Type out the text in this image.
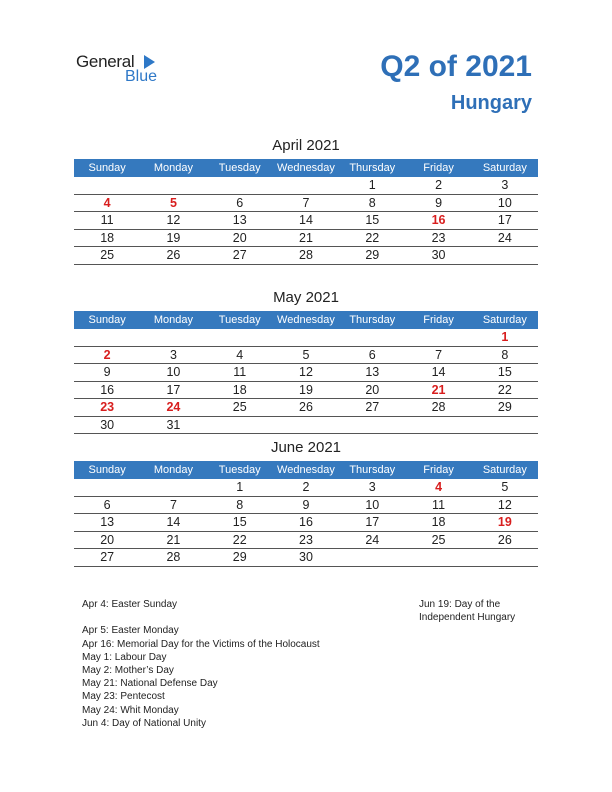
General
Blue	Q2 of 2021
Hungary
April 2021
Sunday	Monday	Tuesday	Wednesday	Thursday	Friday	Saturday
				1	2	3
4	5	6	7	8	9	10
11	12	13	14	15	16	17
18	19	20	21	22	23	24
25	26	27	28	29	30	
May 2021
Sunday	Monday	Tuesday	Wednesday	Thursday	Friday	Saturday
						1
2	3	4	5	6	7	8
9	10	11	12	13	14	15
16	17	18	19	20	21	22
23	24	25	26	27	28	29
30	31					
June 2021
Sunday	Monday	Tuesday	Wednesday	Thursday	Friday	Saturday
		1	2	3	4	5
6	7	8	9	10	11	12
13	14	15	16	17	18	19
20	21	22	23	24	25	26
27	28	29	30			
Apr 4: Easter Sunday
Apr 5: Easter Monday
Apr 16: Memorial Day for the Victims of the Holocaust
May 1: Labour Day
May 2: Mother’s Day
May 21: National Defense Day
May 23: Pentecost
May 24: Whit Monday
Jun 4: Day of National Unity
Jun 19: Day of the
Independent Hungary
